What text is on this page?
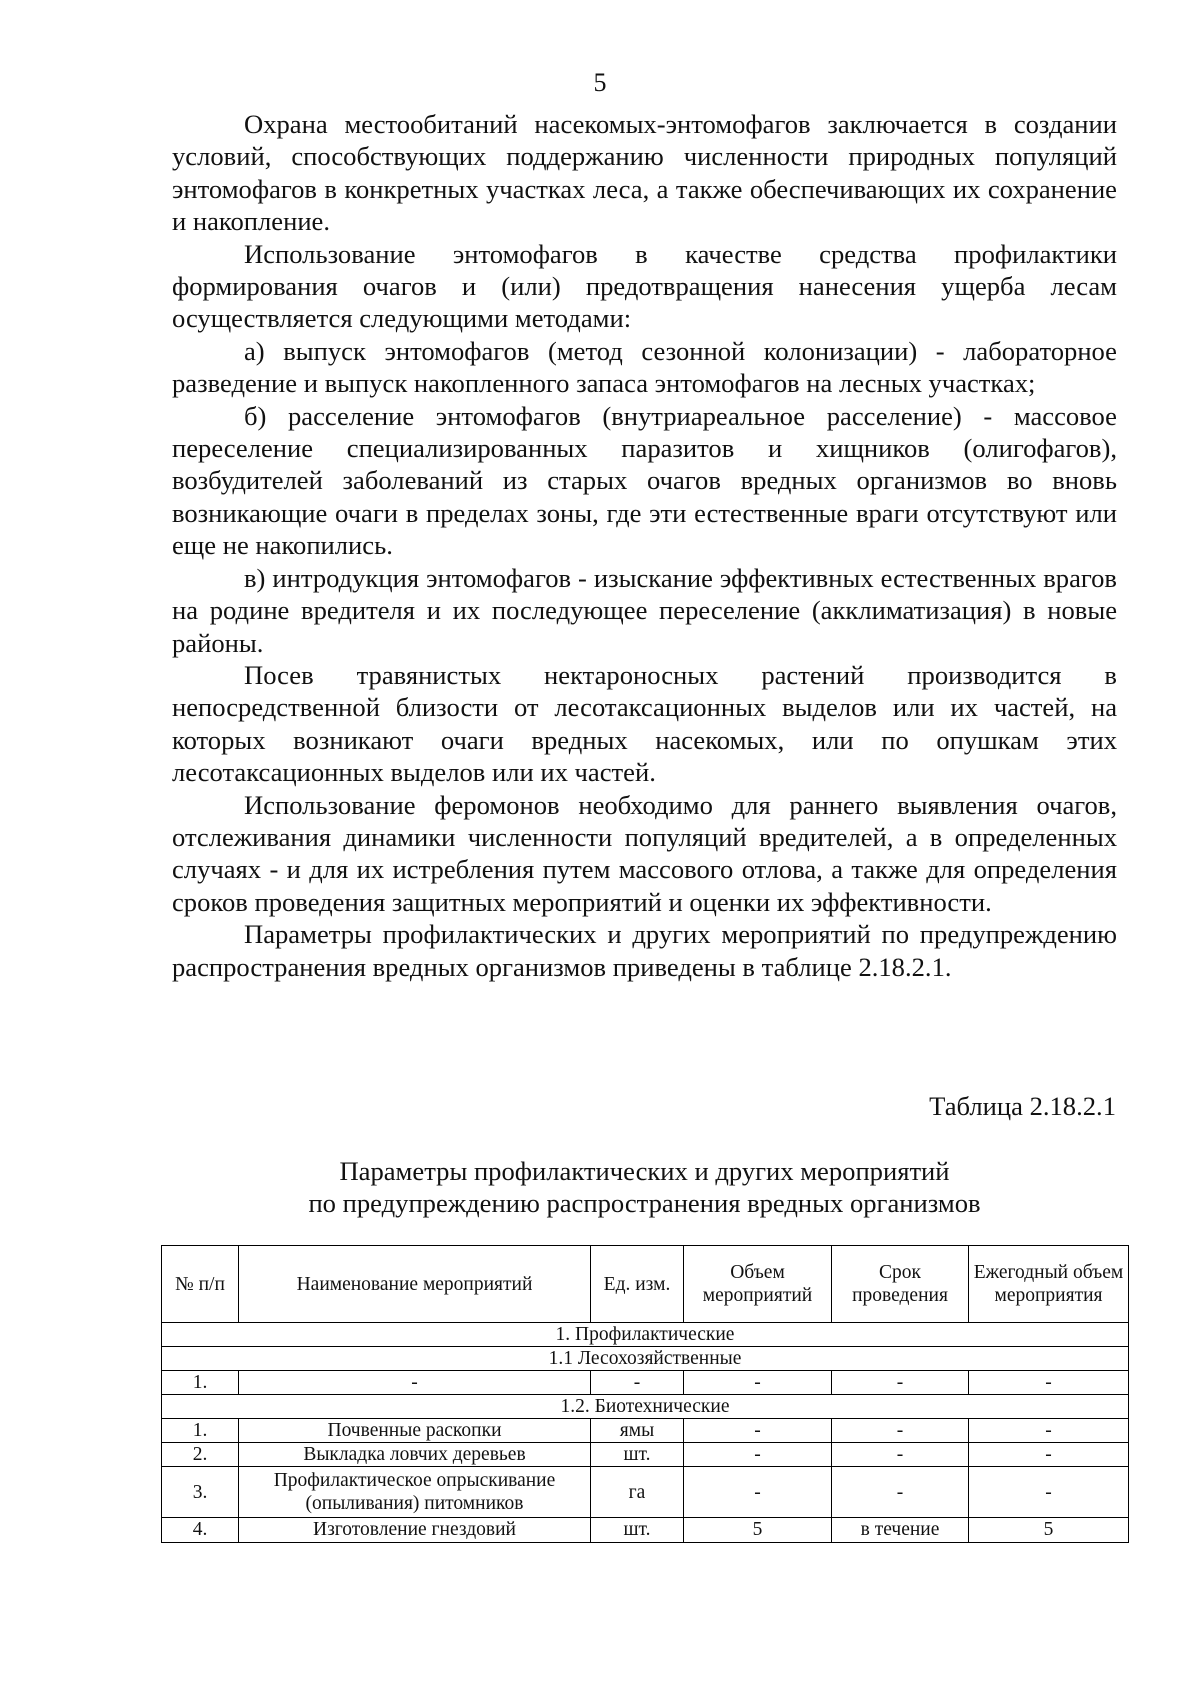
5

Охрана местообитаний насекомых-энтомофагов заключается в создании условий, способствующих поддержанию численности природных популяций энтомофагов в конкретных участках леса, а также обеспечивающих их сохранение и накопление.

Использование энтомофагов в качестве средства профилактики формирования очагов и (или) предотвращения нанесения ущерба лесам осуществляется следующими методами:

а) выпуск энтомофагов (метод сезонной колонизации) - лабораторное разведение и выпуск накопленного запаса энтомофагов на лесных участках;

б) расселение энтомофагов (внутриареальное расселение) - массовое переселение специализированных паразитов и хищников (олигофагов), возбудителей заболеваний из старых очагов вредных организмов во вновь возникающие очаги в пределах зоны, где эти естественные враги отсутствуют или еще не накопились.

в) интродукция энтомофагов - изыскание эффективных естественных врагов на родине вредителя и их последующее переселение (акклиматизация) в новые районы.

Посев травянистых нектароносных растений производится в непосредственной близости от лесотаксационных выделов или их частей, на которых возникают очаги вредных насекомых, или по опушкам этих лесотаксационных выделов или их частей.

Использование феромонов необходимо для раннего выявления очагов, отслеживания динамики численности популяций вредителей, а в определенных случаях - и для их истребления путем массового отлова, а также для определения сроков проведения защитных мероприятий и оценки их эффективности.

Параметры профилактических и других мероприятий по предупреждению распространения вредных организмов приведены в таблице 2.18.2.1.

Таблица 2.18.2.1
Параметры профилактических и других мероприятий
по предупреждению распространения вредных организмов
№ п/п	Наименование мероприятий	Ед. изм.	Объем мероприятий	Срок проведения	Ежегодный объем мероприятия
1. Профилактические					
1.1 Лесохозяйственные					
1.	-	-	-	-	-
1.2. Биотехнические					
1.	Почвенные раскопки	ямы	-	-	-
2.	Выкладка ловчих деревьев	шт.	-	-	-
3.	Профилактическое опрыскивание (опыливания) питомников	га	-	-	-
4.	Изготовление гнездовий	шт.	5	в течение	5
